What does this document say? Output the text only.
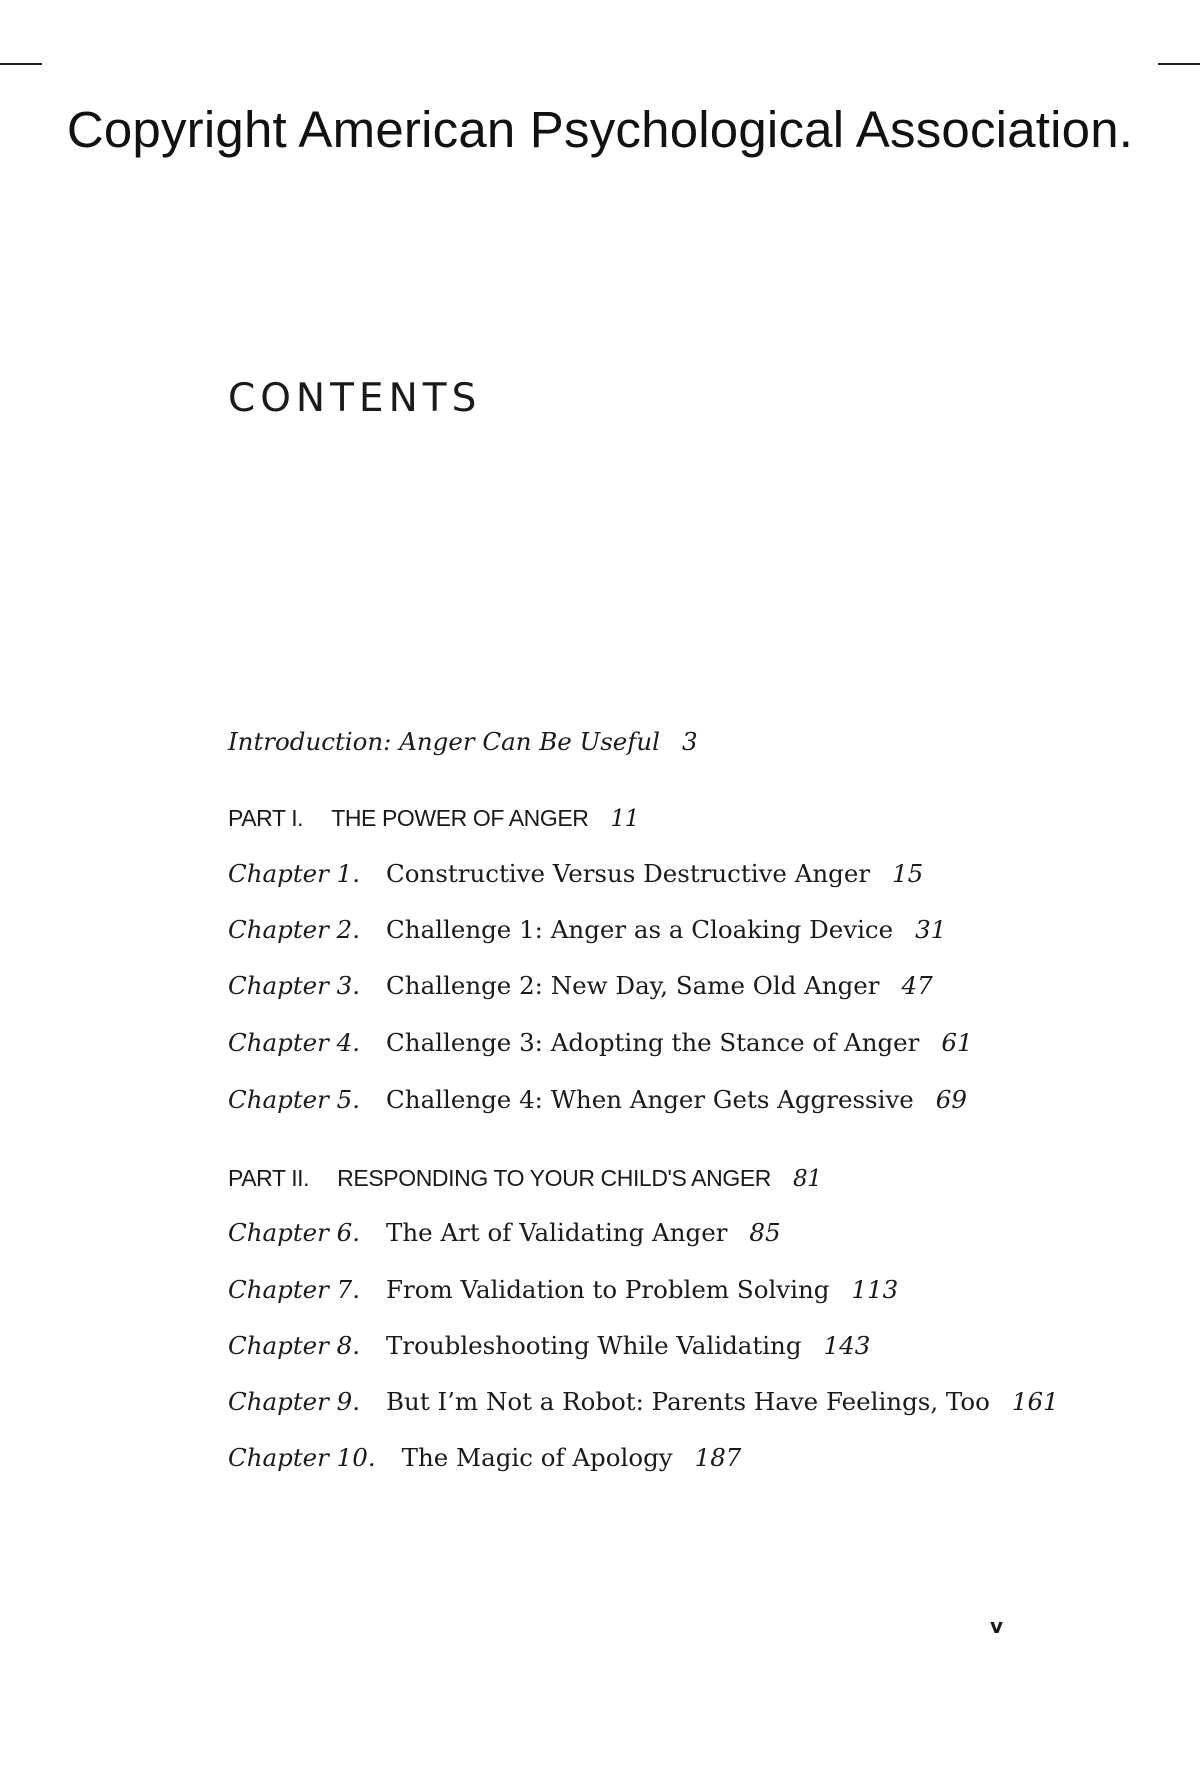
Copyright American Psychological Association.
CONTENTS
Introduction: Anger Can Be Useful 3
PART I. THE POWER OF ANGER 11
Chapter 1. Constructive Versus Destructive Anger 15
Chapter 2. Challenge 1: Anger as a Cloaking Device 31
Chapter 3. Challenge 2: New Day, Same Old Anger 47
Chapter 4. Challenge 3: Adopting the Stance of Anger 61
Chapter 5. Challenge 4: When Anger Gets Aggressive 69
PART II. RESPONDING TO YOUR CHILD'S ANGER 81
Chapter 6. The Art of Validating Anger 85
Chapter 7. From Validation to Problem Solving 113
Chapter 8. Troubleshooting While Validating 143
Chapter 9. But I’m Not a Robot: Parents Have Feelings, Too 161
Chapter 10. The Magic of Apology 187
v
